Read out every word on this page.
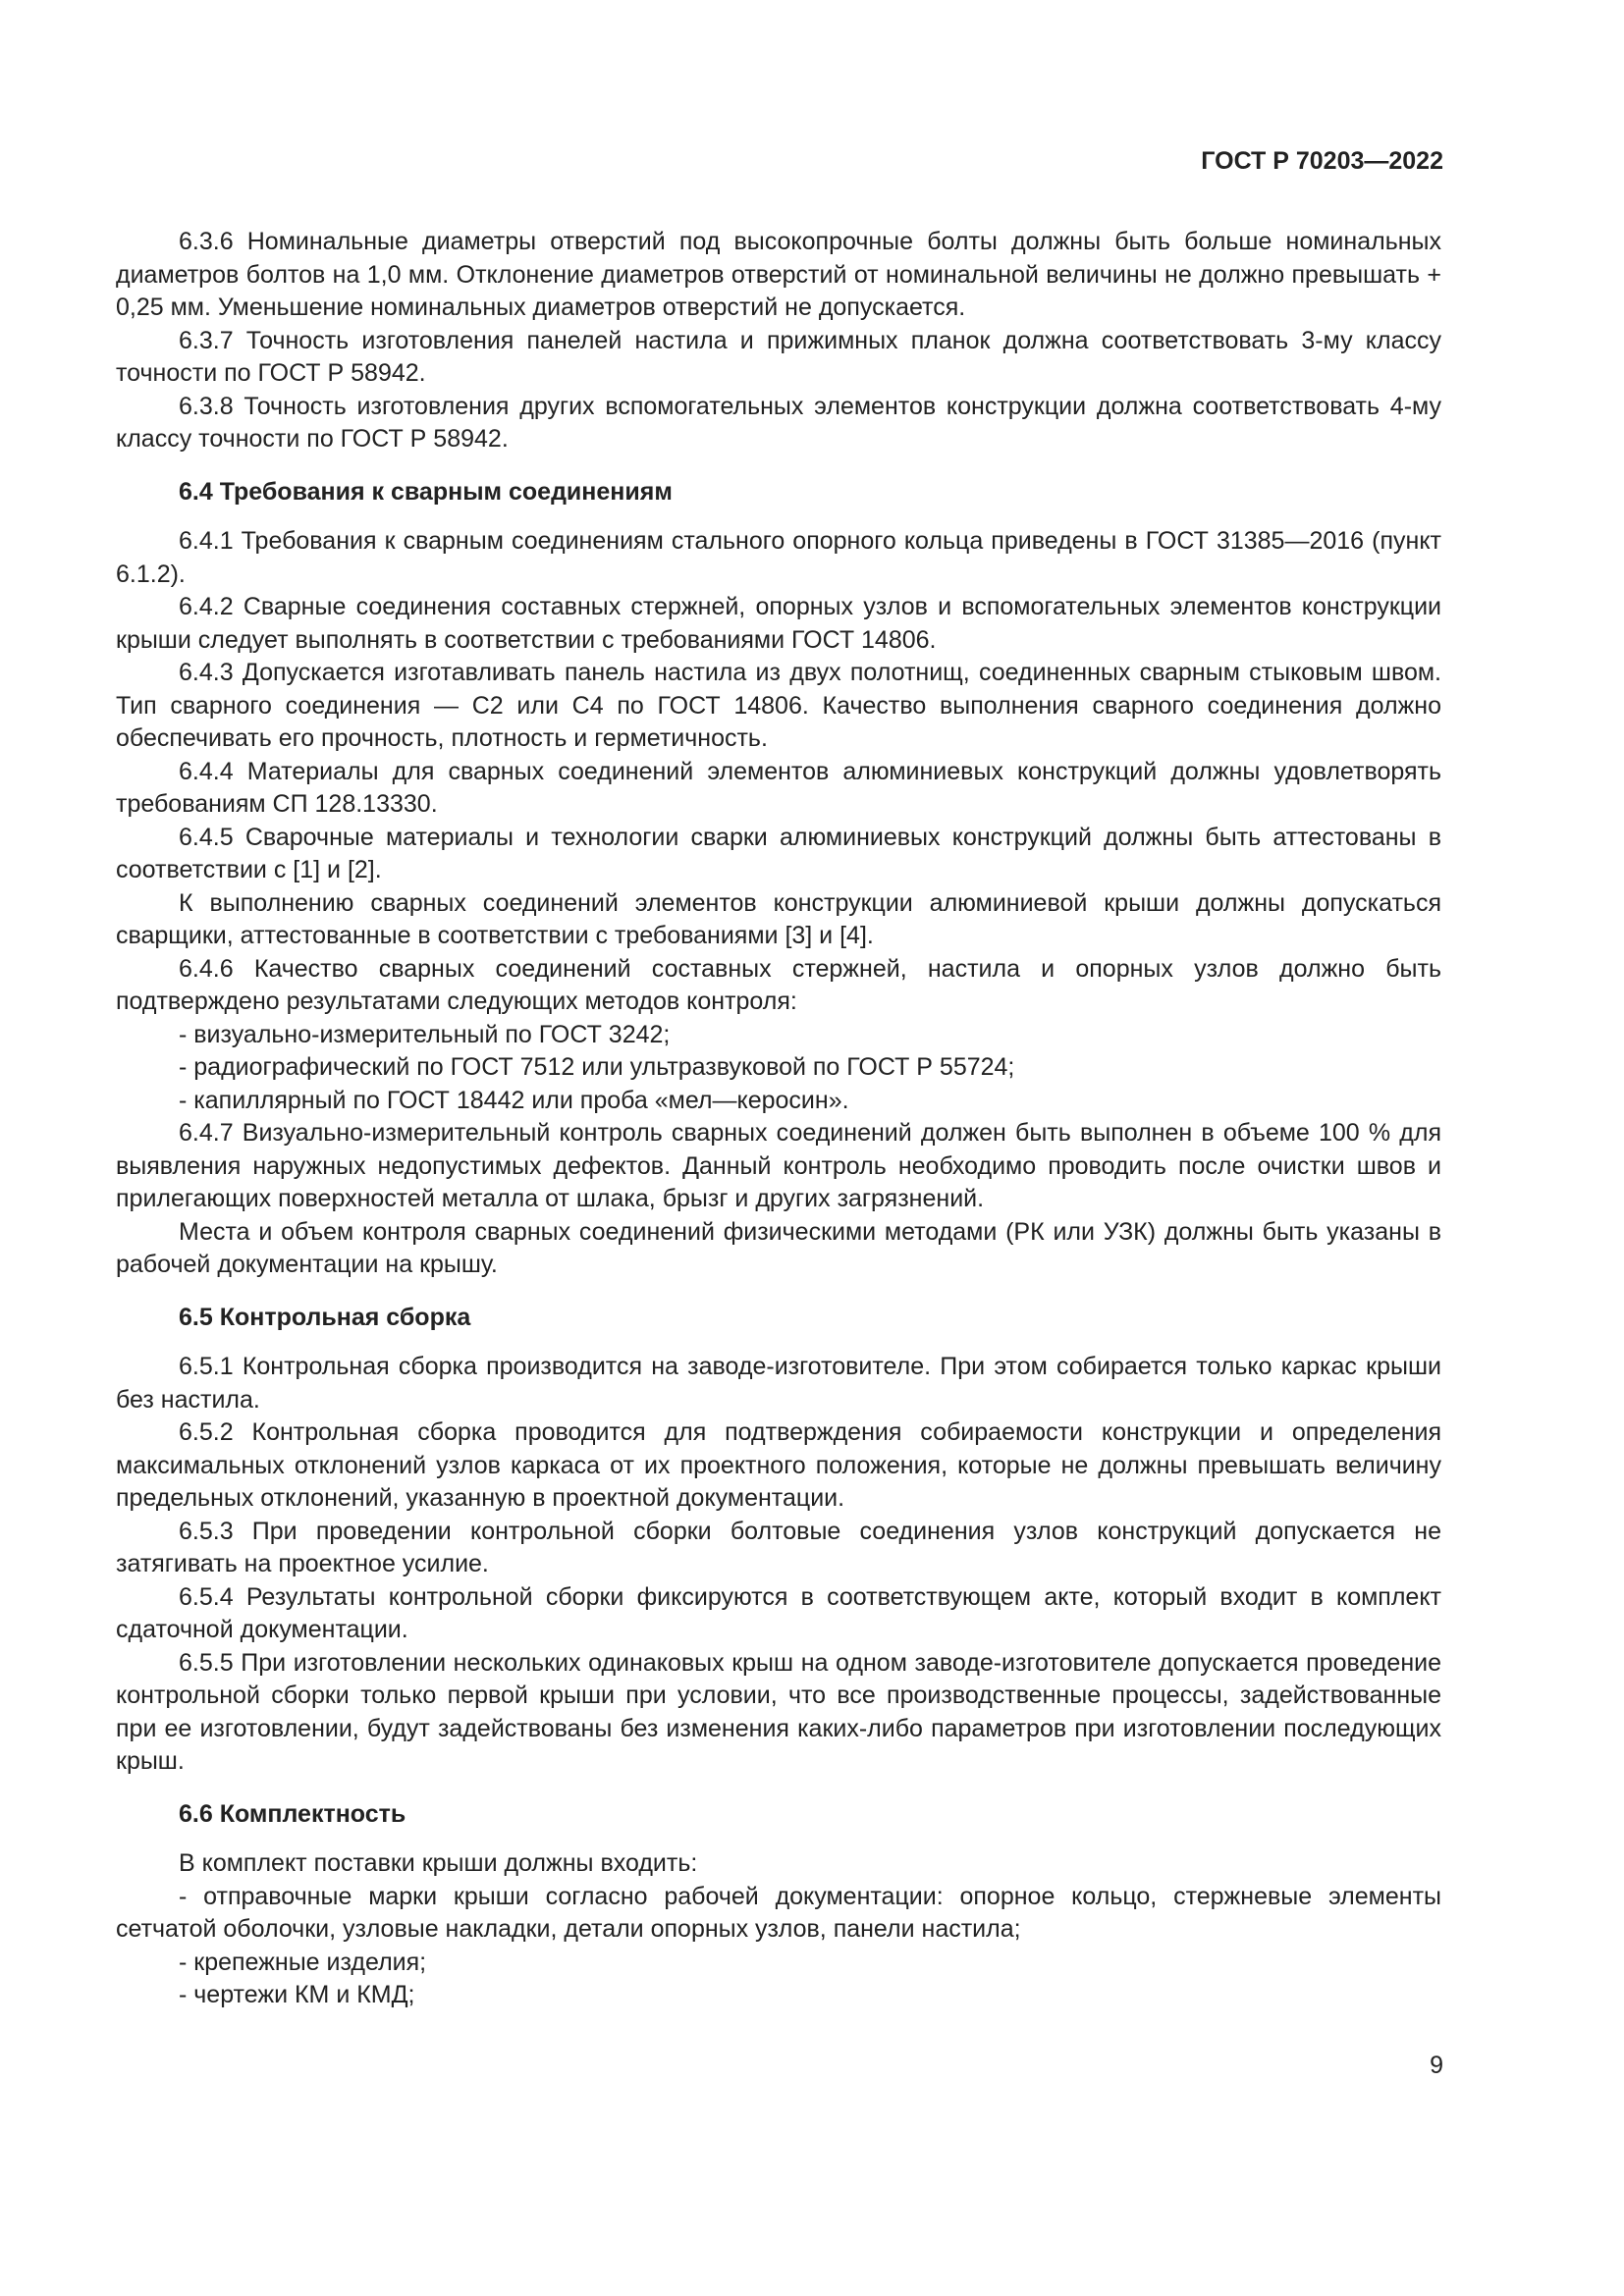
ГОСТ Р 70203—2022

6.3.6 Номинальные диаметры отверстий под высокопрочные болты должны быть больше номинальных диаметров болтов на 1,0 мм. Отклонение диаметров отверстий от номинальной величины не должно превышать + 0,25 мм. Уменьшение номинальных диаметров отверстий не допускается.

6.3.7 Точность изготовления панелей настила и прижимных планок должна соответствовать 3-му классу точности по ГОСТ Р 58942.

6.3.8 Точность изготовления других вспомогательных элементов конструкции должна соответствовать 4-му классу точности по ГОСТ Р 58942.

6.4 Требования к сварным соединениям

6.4.1 Требования к сварным соединениям стального опорного кольца приведены в ГОСТ 31385—2016 (пункт 6.1.2).

6.4.2 Сварные соединения составных стержней, опорных узлов и вспомогательных элементов конструкции крыши следует выполнять в соответствии с требованиями ГОСТ 14806.

6.4.3 Допускается изготавливать панель настила из двух полотнищ, соединенных сварным стыковым швом. Тип сварного соединения — С2 или С4 по ГОСТ 14806. Качество выполнения сварного соединения должно обеспечивать его прочность, плотность и герметичность.

6.4.4 Материалы для сварных соединений элементов алюминиевых конструкций должны удовлетворять требованиям СП 128.13330.

6.4.5 Сварочные материалы и технологии сварки алюминиевых конструкций должны быть аттестованы в соответствии с [1] и [2].

К выполнению сварных соединений элементов конструкции алюминиевой крыши должны допускаться сварщики, аттестованные в соответствии с требованиями [3] и [4].

6.4.6 Качество сварных соединений составных стержней, настила и опорных узлов должно быть подтверждено результатами следующих методов контроля:

- визуально-измерительный по ГОСТ 3242;

- радиографический по ГОСТ 7512 или ультразвуковой по ГОСТ Р 55724;

- капиллярный по ГОСТ 18442 или проба «мел—керосин».

6.4.7 Визуально-измерительный контроль сварных соединений должен быть выполнен в объеме 100 % для выявления наружных недопустимых дефектов. Данный контроль необходимо проводить после очистки швов и прилегающих поверхностей металла от шлака, брызг и других загрязнений.

Места и объем контроля сварных соединений физическими методами (РК или УЗК) должны быть указаны в рабочей документации на крышу.

6.5 Контрольная сборка

6.5.1 Контрольная сборка производится на заводе-изготовителе. При этом собирается только каркас крыши без настила.

6.5.2 Контрольная сборка проводится для подтверждения собираемости конструкции и определения максимальных отклонений узлов каркаса от их проектного положения, которые не должны превышать величину предельных отклонений, указанную в проектной документации.

6.5.3 При проведении контрольной сборки болтовые соединения узлов конструкций допускается не затягивать на проектное усилие.

6.5.4 Результаты контрольной сборки фиксируются в соответствующем акте, который входит в комплект сдаточной документации.

6.5.5 При изготовлении нескольких одинаковых крыш на одном заводе-изготовителе допускается проведение контрольной сборки только первой крыши при условии, что все производственные процессы, задействованные при ее изготовлении, будут задействованы без изменения каких-либо параметров при изготовлении последующих крыш.

6.6 Комплектность

В комплект поставки крыши должны входить:

- отправочные марки крыши согласно рабочей документации: опорное кольцо, стержневые элементы сетчатой оболочки, узловые накладки, детали опорных узлов, панели настила;

- крепежные изделия;

- чертежи КМ и КМД;

9
